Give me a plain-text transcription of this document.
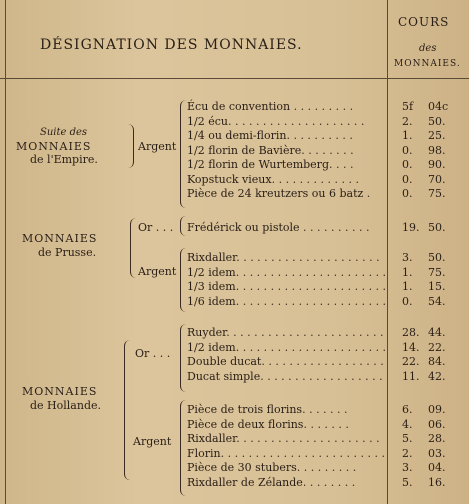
DÉSIGNATION DES MONNAIES.
COURS
des
MONNAIES.
Suite des
MONNAIES
de l'Empire.
Argent
Écu de convention . . . . . . . . .	5f 04c
1/2 écu. . . . . . . . . . . . . . . . . . . .	2. 50.
1/4 ou demi-florin. . . . . . . . . .	1. 25.
1/2 florin de Bavière. . . . . . . .	0. 98.
1/2 florin de Wurtemberg. . . .	0. 90.
Kopstuck vieux. . . . . . . . . . . . .	0. 70.
Pièce de 24 kreutzers ou 6 batz .	0. 75.
MONNAIES
de Prusse.
Or . . .
Argent
Frédérick ou pistole . . . . . . . . . .	19. 50.
Rixdaller. . . . . . . . . . . . . . . . . . . . . 3. 50.
1/2 idem. . . . . . . . . . . . . . . . . . . . . . 1. 75.
1/3 idem. . . . . . . . . . . . . . . . . . . . . . 1. 15.
1/6 idem. . . . . . . . . . . . . . . . . . . . . . 0. 54.
MONNAIES
de Hollande.
Or . . .
Argent
Ruyder. . . . . . . . . . . . . . . . . . . . . . . 28. 44.
1/2 idem. . . . . . . . . . . . . . . . . . . . . . 14. 22.
Double ducat. . . . . . . . . . . . . . . . . . 22. 84.
Ducat simple. . . . . . . . . . . . . . . . . . 11. 42.
Pièce de trois florins. . . . . . .	6. 09.
Pièce de deux florins. . . . . . .	4. 06.
Rixdaller. . . . . . . . . . . . . . . . . . . . . 5. 28.
Florin. . . . . . . . . . . . . . . . . . . . . . . . 2. 03.
Pièce de 30 stubers. . . . . . . . .	3. 04.
Rixdaller de Zélande. . . . . . . .	5. 16.
